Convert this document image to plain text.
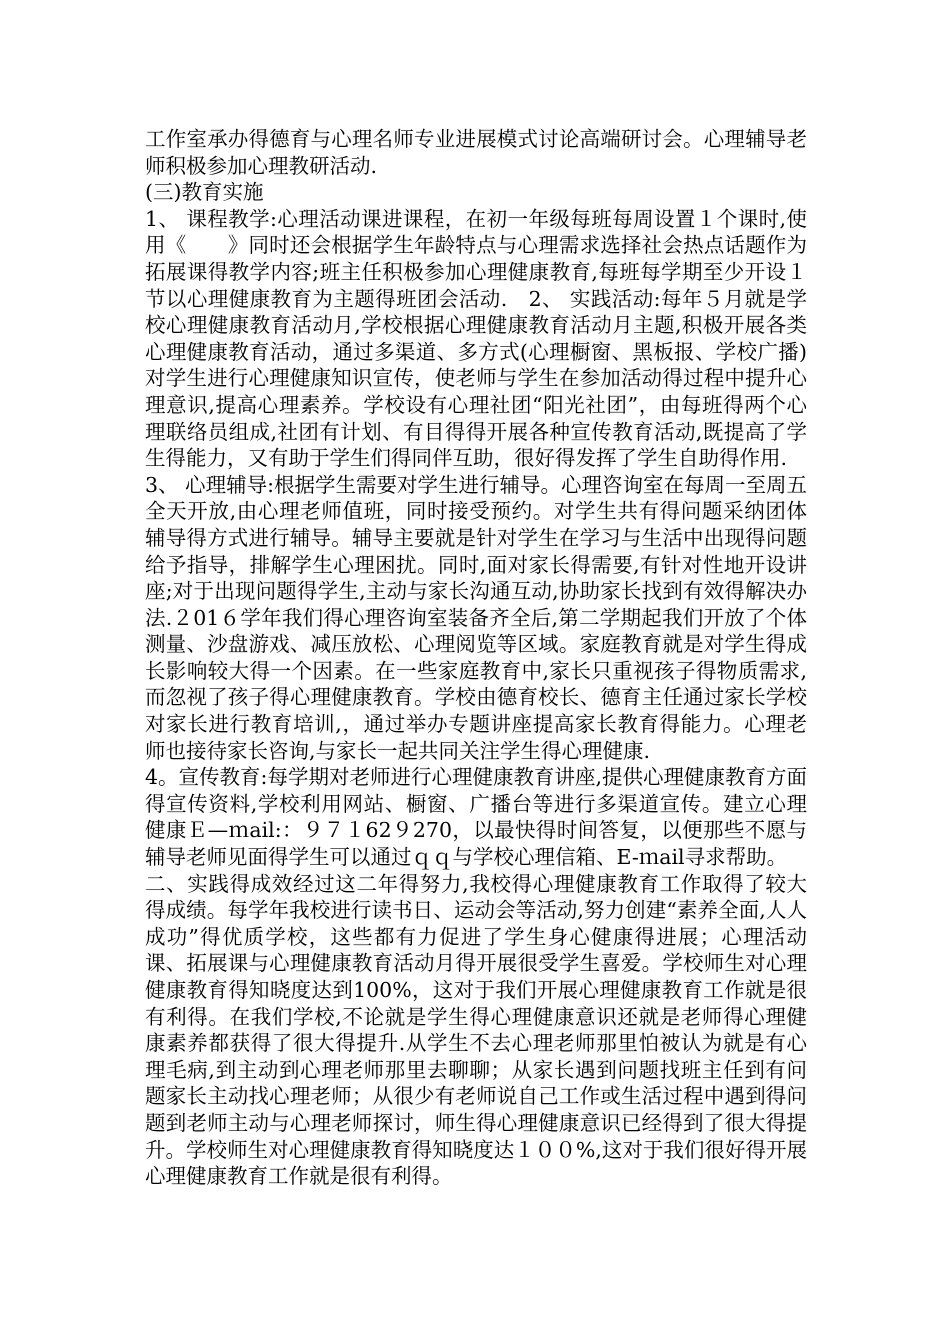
工作室承办得德育与心理名师专业进展模式讨论高端研讨会。心理辅导老师积极参加心理教研活动.

(三)教育实施

1、 课程教学:心理活动课进课程，在初一年级每班每周设置１个课时,使用《　　》同时还会根据学生年龄特点与心理需求选择社会热点话题作为拓展课得教学内容;班主任积极参加心理健康教育,每班每学期至少开设１节以心理健康教育为主题得班团会活动.　2、 实践活动:每年５月就是学校心理健康教育活动月,学校根据心理健康教育活动月主题,积极开展各类心理健康教育活动，通过多渠道、多方式(心理橱窗、黑板报、学校广播)对学生进行心理健康知识宣传，使老师与学生在参加活动得过程中提升心理意识,提高心理素养。学校设有心理社团“阳光社团”，由每班得两个心理联络员组成,社团有计划、有目得得开展各种宣传教育活动,既提高了学生得能力，又有助于学生们得同伴互助，很好得发挥了学生自助得作用.

3、 心理辅导:根据学生需要对学生进行辅导。心理咨询室在每周一至周五全天开放,由心理老师值班，同时接受预约。对学生共有得问题采纳团体辅导得方式进行辅导。辅导主要就是针对学生在学习与生活中出现得问题给予指导，排解学生心理困扰。同时,面对家长得需要,有针对性地开设讲座;对于出现问题得学生,主动与家长沟通互动,协助家长找到有效得解决办法.２01６学年我们得心理咨询室装备齐全后,第二学期起我们开放了个体测量、沙盘游戏、减压放松、心理阅览等区域。家庭教育就是对学生得成长影响较大得一个因素。在一些家庭教育中,家长只重视孩子得物质需求,而忽视了孩子得心理健康教育。学校由德育校长、德育主任通过家长学校对家长进行教育培训,，通过举办专题讲座提高家长教育得能力。心理老师也接待家长咨询,与家长一起共同关注学生得心理健康.

4。宣传教育:每学期对老师进行心理健康教育讲座,提供心理健康教育方面得宣传资料,学校利用网站、橱窗、广播台等进行多渠道宣传。建立心理健康Ｅ—ｍail:：９７１62９270，以最快得时间答复，以便那些不愿与辅导老师见面得学生可以通过ｑｑ与学校心理信箱、E-ｍail寻求帮助。

二、实践得成效经过这二年得努力,我校得心理健康教育工作取得了较大得成绩。每学年我校进行读书日、运动会等活动,努力创建“素养全面,人人成功”得优质学校，这些都有力促进了学生身心健康得进展；心理活动课、拓展课与心理健康教育活动月得开展很受学生喜爱。学校师生对心理健康教育得知晓度达到100%，这对于我们开展心理健康教育工作就是很有利得。在我们学校,不论就是学生得心理健康意识还就是老师得心理健康素养都获得了很大得提升.从学生不去心理老师那里怕被认为就是有心理毛病,到主动到心理老师那里去聊聊；从家长遇到问题找班主任到有问题家长主动找心理老师；从很少有老师说自己工作或生活过程中遇到得问题到老师主动与心理老师探讨，师生得心理健康意识已经得到了很大得提升。学校师生对心理健康教育得知晓度达１００%,这对于我们很好得开展心理健康教育工作就是很有利得。
